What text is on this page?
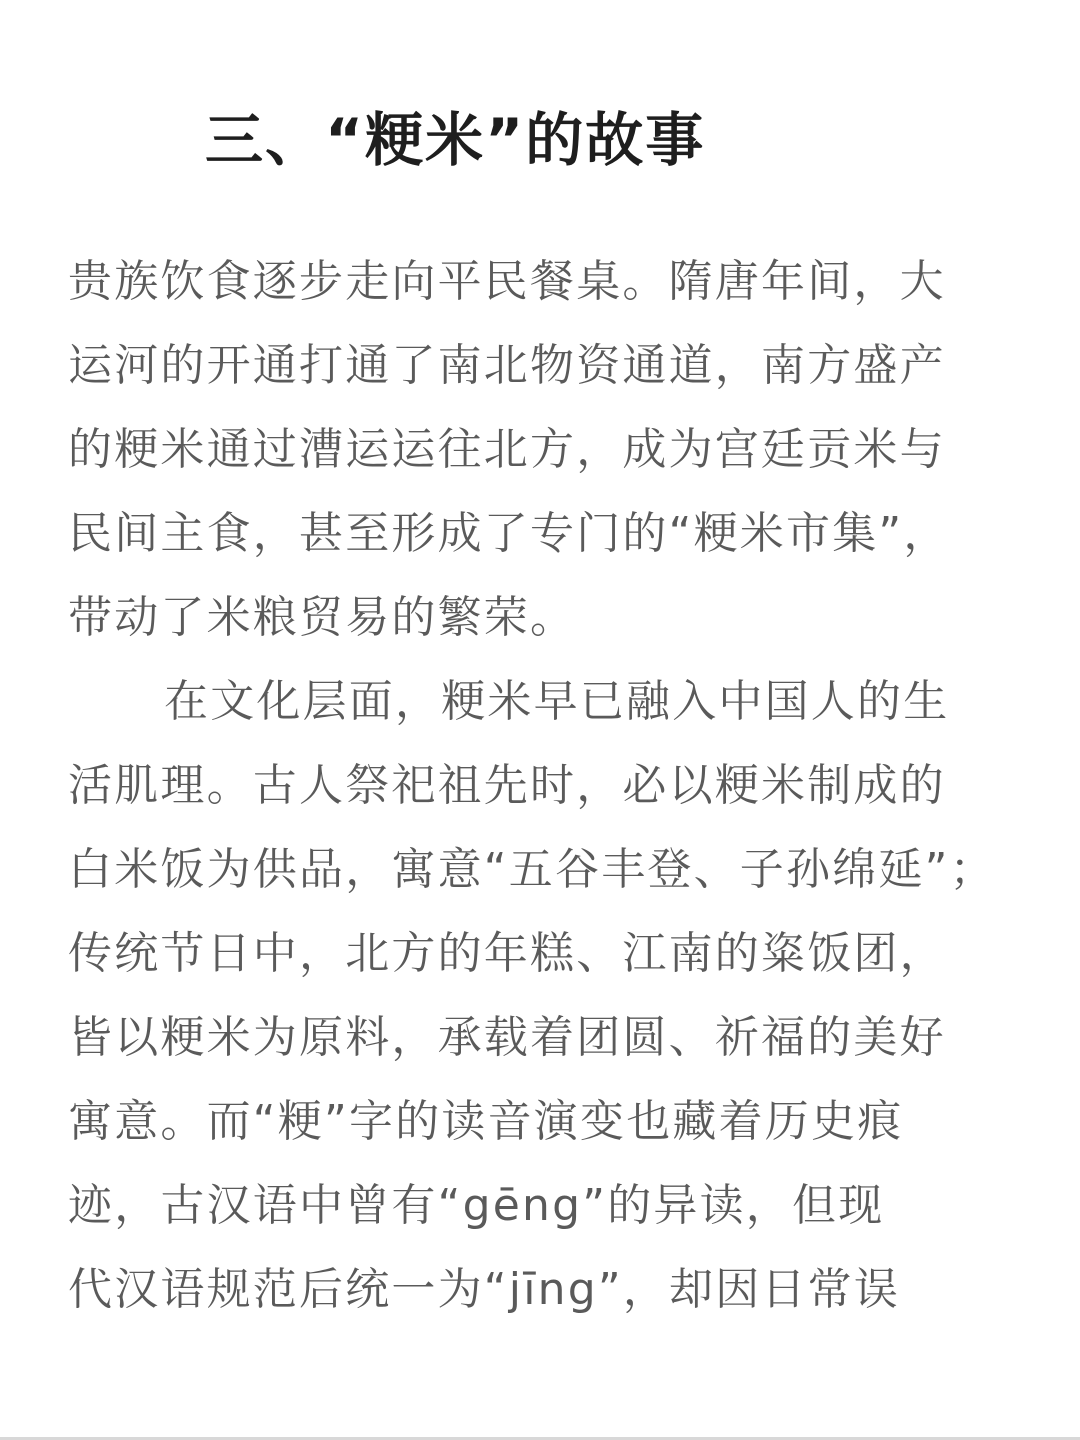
三、“粳米”的故事
贵族饮食逐步走向平民餐桌。隋唐年间，大
运河的开通打通了南北物资通道，南方盛产
的粳米通过漕运运往北方，成为宫廷贡米与
民间主食，甚至形成了专门的“粳米市集”，
带动了米粮贸易的繁荣。
在文化层面，粳米早已融入中国人的生
活肌理。古人祭祀祖先时，必以粳米制成的
白米饭为供品，寓意“五谷丰登、子孙绵延”；
传统节日中，北方的年糕、江南的粢饭团，
皆以粳米为原料，承载着团圆、祈福的美好
寓意。而“粳”字的读音演变也藏着历史痕
迹，古汉语中曾有“gēng”的异读，但现
代汉语规范后统一为“jīng”，却因日常误
